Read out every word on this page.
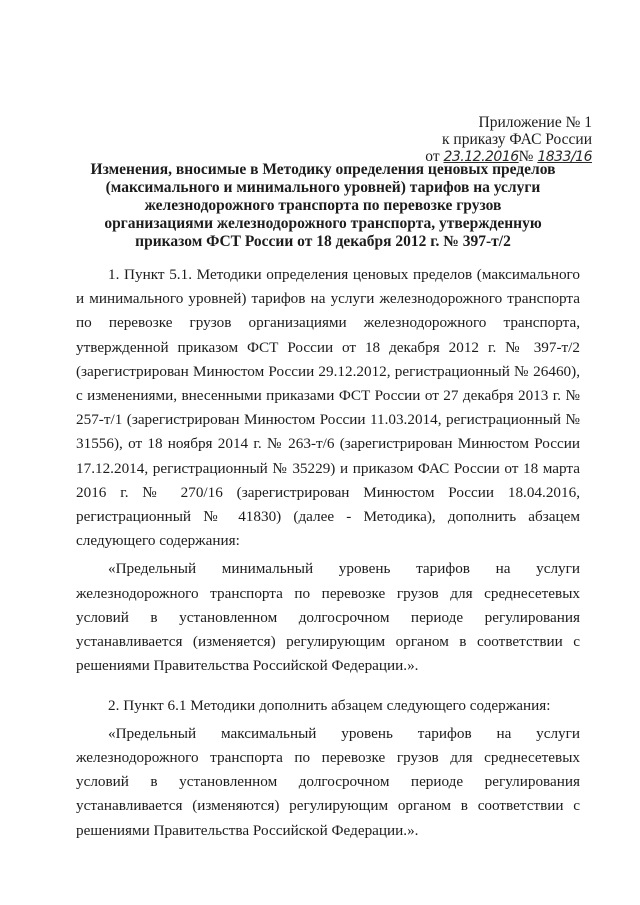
Приложение № 1
к приказу ФАС России
от 23.12.2016№ 1833/16
Изменения, вносимые в Методику определения ценовых пределов
(максимального и минимального уровней) тарифов на услуги
железнодорожного транспорта по перевозке грузов
организациями железнодорожного транспорта, утвержденную
приказом ФСТ России от 18 декабря 2012 г. № 397-т/2

1. Пункт 5.1. Методики определения ценовых пределов (максимального и минимального уровней) тарифов на услуги железнодорожного транспорта по перевозке грузов организациями железнодорожного транспорта, утвержденной приказом ФСТ России от 18 декабря 2012 г. № 397-т/2 (зарегистрирован Минюстом России 29.12.2012, регистрационный № 26460), с изменениями, внесенными приказами ФСТ России от 27 декабря 2013 г. № 257-т/1 (зарегистрирован Минюстом России 11.03.2014, регистрационный № 31556), от 18 ноября 2014 г. № 263-т/6 (зарегистрирован Минюстом России 17.12.2014, регистрационный № 35229) и приказом ФАС России от 18 марта 2016 г. № 270/16 (зарегистрирован Минюстом России 18.04.2016, регистрационный № 41830) (далее - Методика), дополнить абзацем следующего содержания:

«Предельный минимальный уровень тарифов на услуги железнодорожного транспорта по перевозке грузов для среднесетевых условий в установленном долгосрочном периоде регулирования устанавливается (изменяется) регулирующим органом в соответствии с решениями Правительства Российской Федерации.».

2. Пункт 6.1 Методики дополнить абзацем следующего содержания:

«Предельный максимальный уровень тарифов на услуги железнодорожного транспорта по перевозке грузов для среднесетевых условий в установленном долгосрочном периоде регулирования устанавливается (изменяются) регулирующим органом в соответствии с решениями Правительства Российской Федерации.».
